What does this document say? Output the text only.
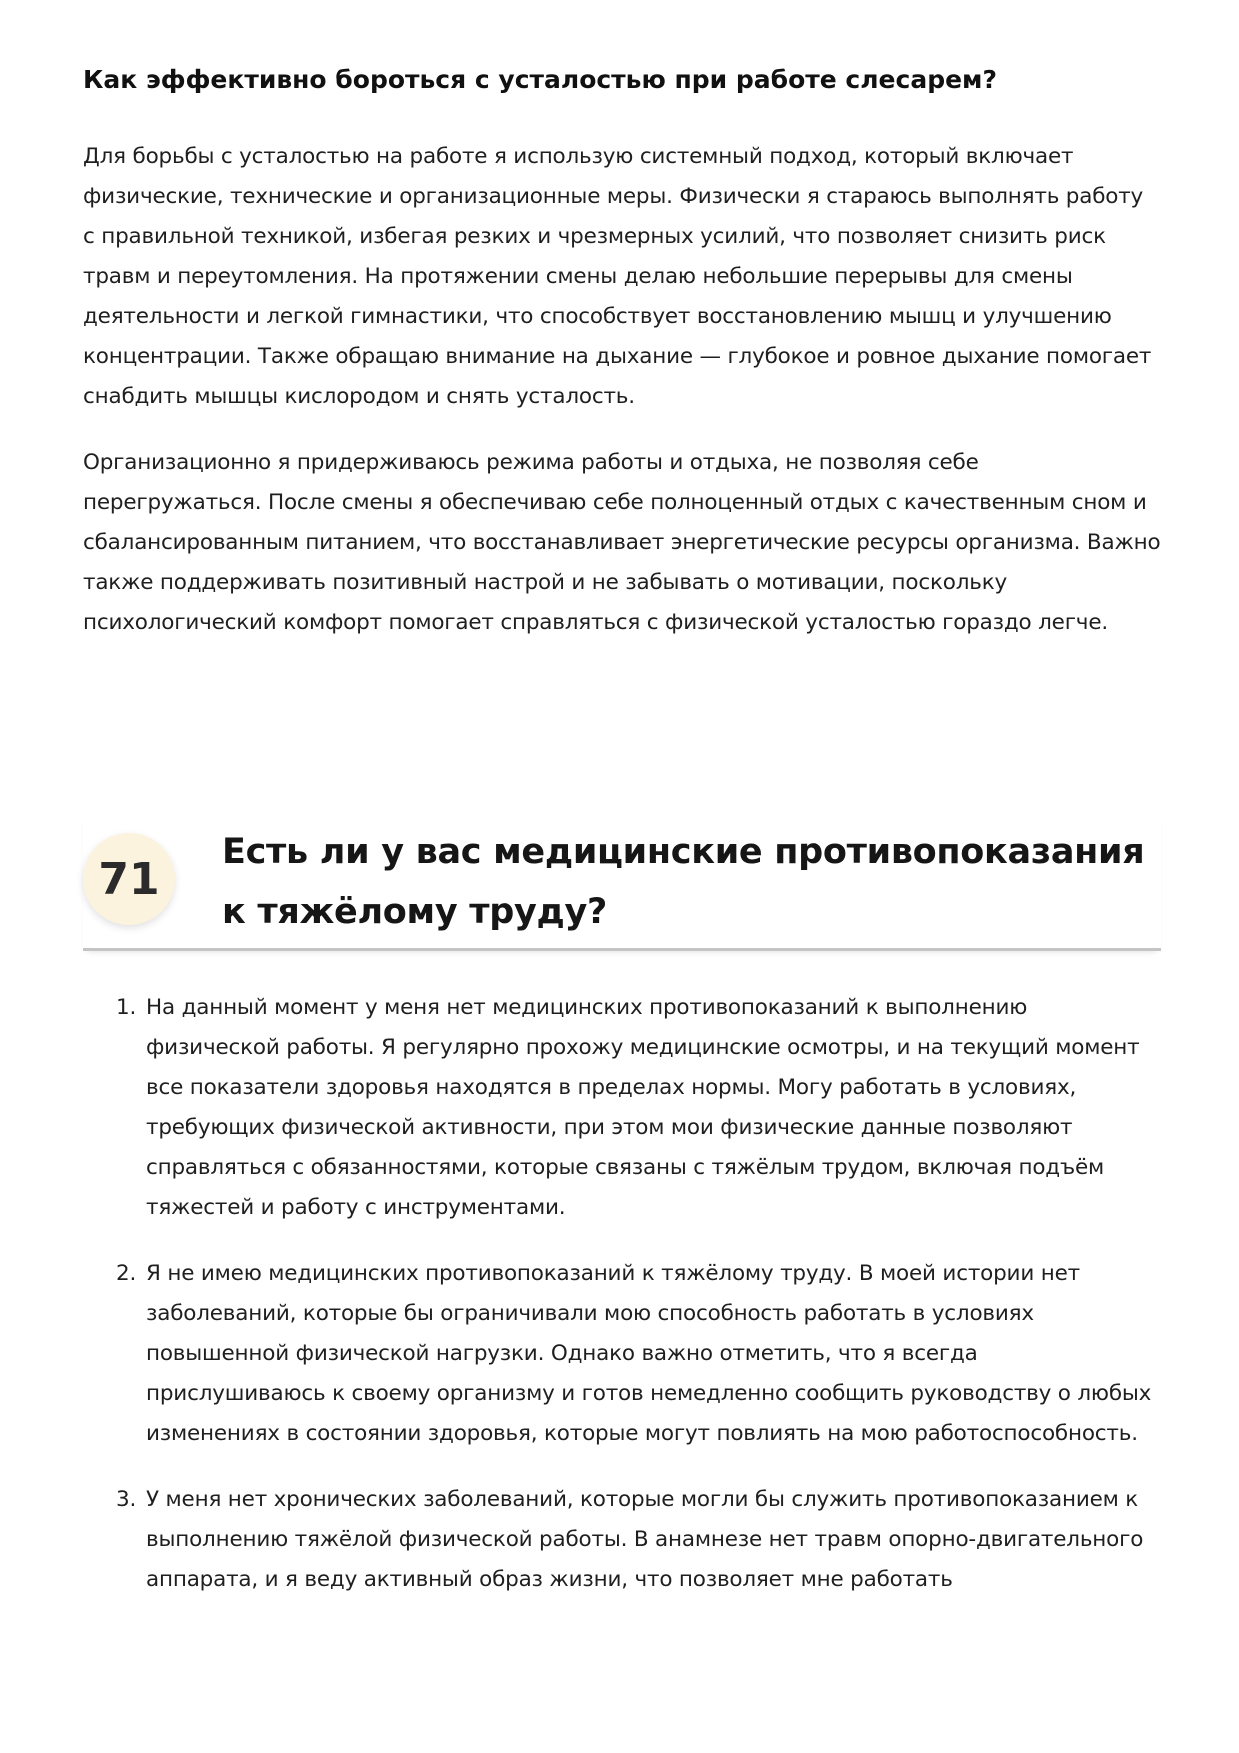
Как эффективно бороться с усталостью при работе слесарем?

Для борьбы с усталостью на работе я использую системный подход, который включает физические, технические и организационные меры. Физически я стараюсь выполнять работу с правильной техникой, избегая резких и чрезмерных усилий, что позволяет снизить риск травм и переутомления. На протяжении смены делаю небольшие перерывы для смены деятельности и легкой гимнастики, что способствует восстановлению мышц и улучшению концентрации. Также обращаю внимание на дыхание — глубокое и ровное дыхание помогает снабдить мышцы кислородом и снять усталость.

Организационно я придерживаюсь режима работы и отдыха, не позволяя себе перегружаться. После смены я обеспечиваю себе полноценный отдых с качественным сном и сбалансированным питанием, что восстанавливает энергетические ресурсы организма. Важно также поддерживать позитивный настрой и не забывать о мотивации, поскольку психологический комфорт помогает справляться с физической усталостью гораздо легче.

71
Есть ли у вас медицинские противопоказания к тяжёлому труду?
1. На данный момент у меня нет медицинских противопоказаний к выполнению физической работы. Я регулярно прохожу медицинские осмотры, и на текущий момент все показатели здоровья находятся в пределах нормы. Могу работать в условиях, требующих физической активности, при этом мои физические данные позволяют справляться с обязанностями, которые связаны с тяжёлым трудом, включая подъём тяжестей и работу с инструментами.
2. Я не имею медицинских противопоказаний к тяжёлому труду. В моей истории нет заболеваний, которые бы ограничивали мою способность работать в условиях повышенной физической нагрузки. Однако важно отметить, что я всегда прислушиваюсь к своему организму и готов немедленно сообщить руководству о любых изменениях в состоянии здоровья, которые могут повлиять на мою работоспособность.
3. У меня нет хронических заболеваний, которые могли бы служить противопоказанием к выполнению тяжёлой физической работы. В анамнезе нет травм опорно-двигательного аппарата, и я веду активный образ жизни, что позволяет мне работать
